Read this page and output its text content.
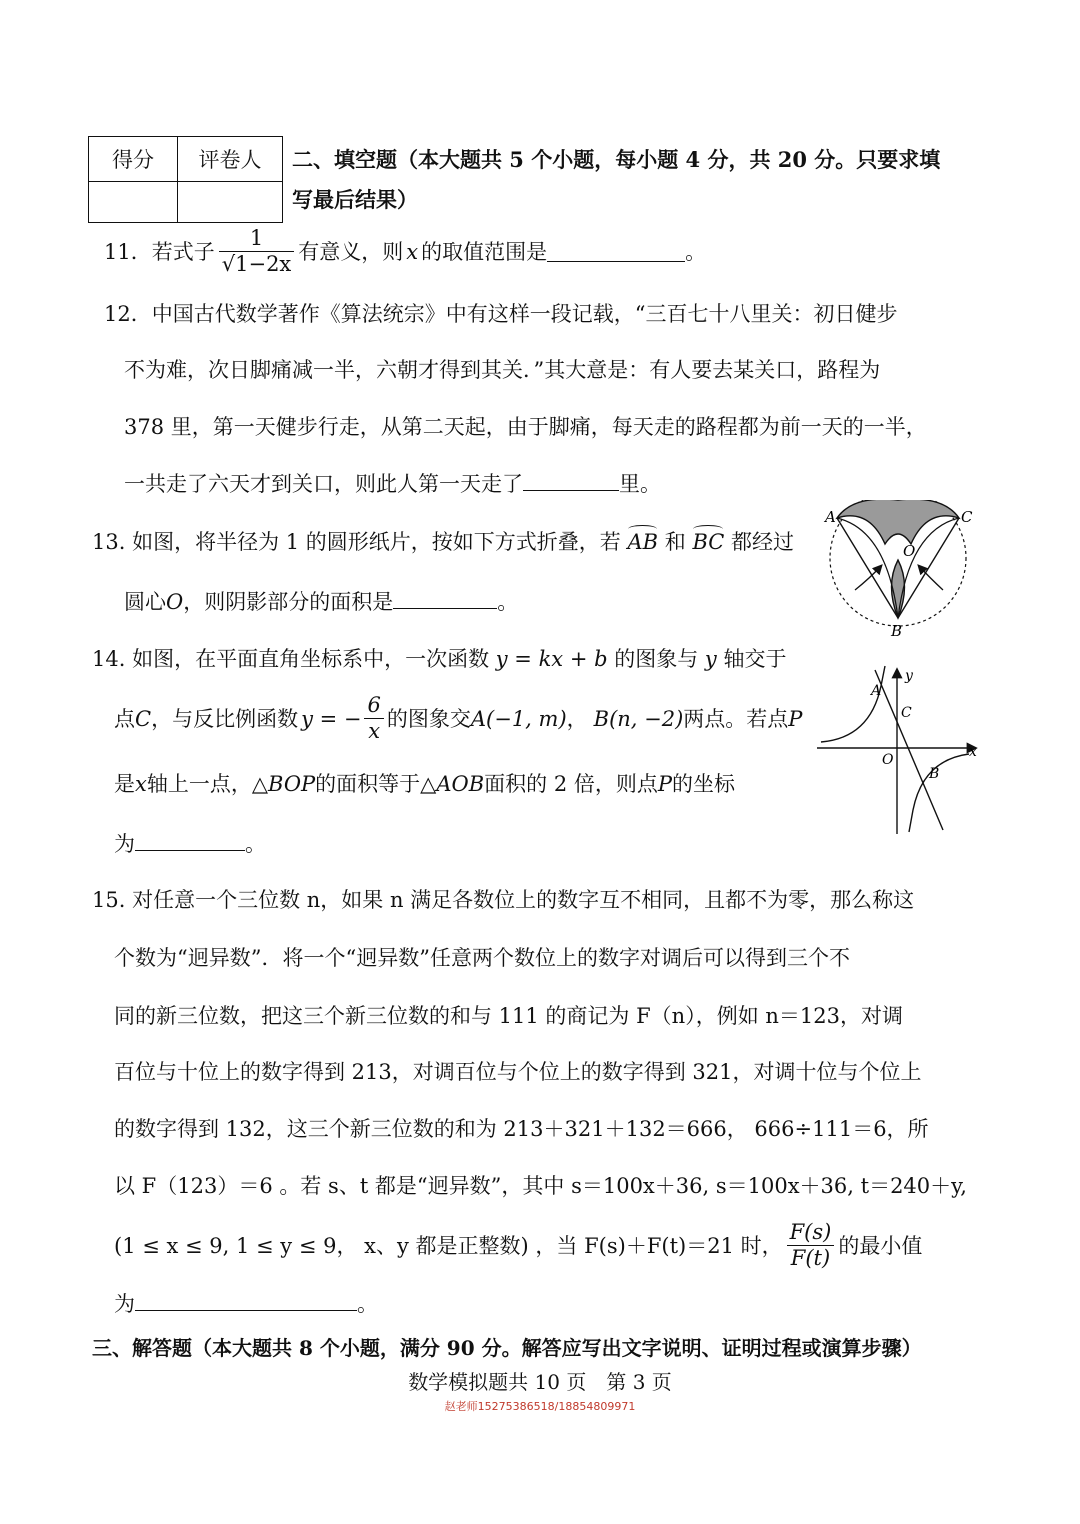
得分	评卷人
	二、填空题（本大题共 5 个小题，每小题 4 分，共 20 分。只要求填
写最后结果）
11．若式子 $\frac{1}{√1-2x}$ 有意义，则 x 的取值范围是	。
12．中国古代数学著作《算法统宗》中有这样一段记载，“三百七十八里关：初日健步
不为难，次日脚痛减一半，六朝才得到其关．”其大意是：有人要去某关口，路程为
378 里，第一天健步行走，从第二天起，由于脚痛，每天走的路程都为前一天的一半，
一共走了六天才到关口，则此人第一天走了	里。
13. 如图，将半径为 1 的圆形纸片，按如下方式折叠，若 AB 和 BC 都经过
圆心O，则阴影部分的面积是	。
A	C
O
B
14. 如图，在平面直角坐标系中，一次函数 y = kx + b 的图象与 y 轴交于
点 C ，与反比例函数 y = − $\frac{6}{x}$ 的图象交 A(−1, m) ， B(n, −2) 两点。若点 P
是x轴上一点，△BOP的面积等于△AOB面积的 2 倍，则点P的坐标
为	。
A
y
C
O	x
B
15. 对任意一个三位数 n，如果 n 满足各数位上的数字互不相同，且都不为零，那么称这
个数为“迥异数”．将一个“迥异数”任意两个数位上的数字对调后可以得到三个不
同的新三位数，把这三个新三位数的和与 111 的商记为 F（n），例如 n＝123，对调
百位与十位上的数字得到 213，对调百位与个位上的数字得到 321，对调十位与个位上
的数字得到 132，这三个新三位数的和为 213＋321＋132＝666， 666÷111＝6，所
以 F（123）＝6 。若 s、t 都是“迥异数”，其中 s＝100x＋36, s＝100x＋36, t＝240＋y,
(1 ≤ x ≤ 9, 1 ≤ y ≤ 9， x、y 都是正整数) ，当 F(s)＋F(t)＝21 时， $\frac{F(s)}{F(t)}$ 的最小值
为	。
三、解答题（本大题共 8 个小题，满分 90 分。解答应写出文字说明、证明过程或演算步骤）
数学模拟题共 10 页　第 3 页
赵老师15275386518/18854809971
